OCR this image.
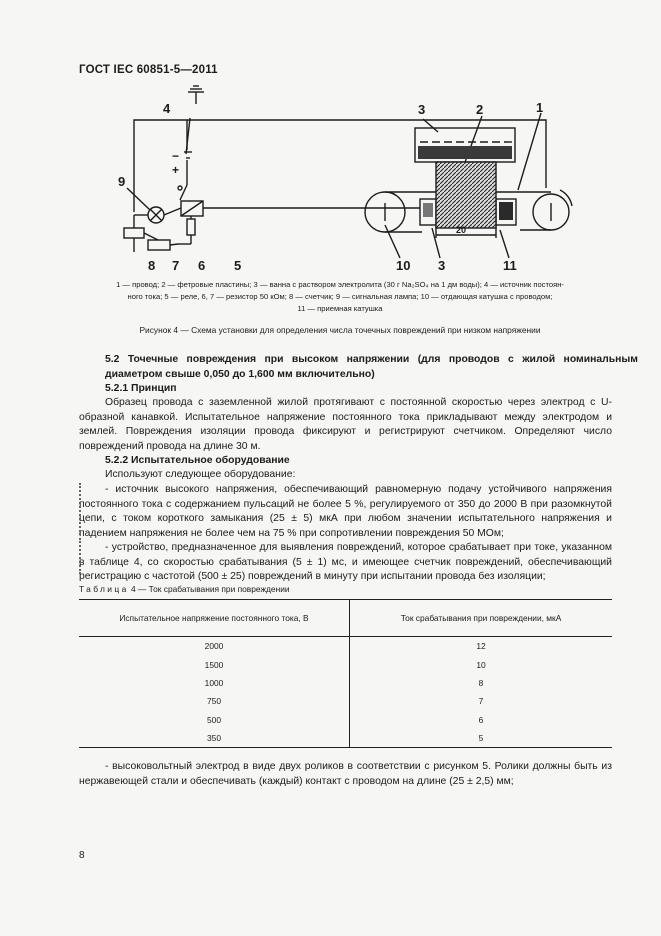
ГОСТ IEC 60851-5—2011
4	3	2	1
9
8 7 6 5	10 3	11
−
+
20
1 — провод; 2 — фетровые пластины; 3 — ванна с раствором электролита (30 г Na₂SO₄ на 1 дм воды); 4 — источник постоян-
ного тока; 5 — реле, 6, 7 — резистор 50 кОм; 8 — счетчик; 9 — сигнальная лампа; 10 — отдающая катушка с проводом;
11 — приемная катушка
Рисунок 4 — Схема установки для определения числа точечных повреждений при низком напряжении
5.2 Точечные повреждения при высоком напряжении (для проводов с жилой номинальным диаметром свыше 0,050 до 1,600 мм включительно)
5.2.1 Принцип
Образец провода с заземленной жилой протягивают с постоянной скоростью через электрод с U-образной канавкой. Испытательное напряжение постоянного тока прикладывают между электродом и землей. Повреждения изоляции провода фиксируют и регистрируют счетчиком. Определяют число повреждений провода на длине 30 м.
5.2.2 Испытательное оборудование
Используют следующее оборудование:
- источник высокого напряжения, обеспечивающий равномерную подачу устойчивого напряжения постоянного тока с содержанием пульсаций не более 5 %, регулируемого от 350 до 2000 В при разомкнутой цепи, с током короткого замыкания (25 ± 5) мкА при любом значении испытательного напряжения и падением напряжения не более чем на 75 % при сопротивлении повреждения 50 МОм;
- устройство, предназначенное для выявления повреждений, которое срабатывает при токе, указанном в таблице 4, со скоростью срабатывания (5 ± 1) мс, и имеющее счетчик повреждений, обеспечивающий регистрацию с частотой (500 ± 25) повреждений в минуту при испытании провода без изоляции;
Таблица 4 — Ток срабатывания при повреждении
Испытательное напряжение постоянного тока, В	Ток срабатывания при повреждении, мкА
2000	12
1500	10
1000	8
750	7
500	6
350	5
- высоковольтный электрод в виде двух роликов в соответствии с рисунком 5. Ролики должны быть из нержавеющей стали и обеспечивать (каждый) контакт с проводом на длине (25 ± 2,5) мм;
8
